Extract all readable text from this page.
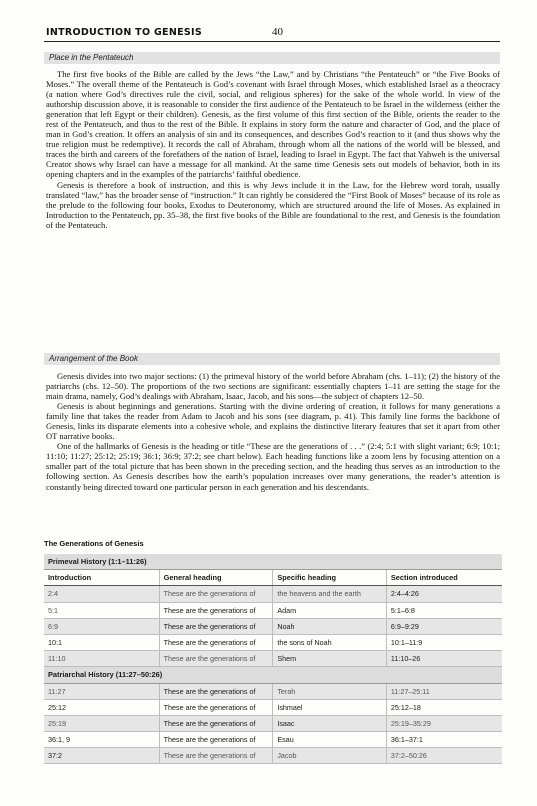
INTRODUCTION TO GENESIS	40
Place in the Pentateuch

The first five books of the Bible are called by the Jews “the Law,” and by Christians “the Pentateuch” or “the Five Books of Moses.” The overall theme of the Pentateuch is God’s covenant with Israel through Moses, which established Israel as a theocracy (a nation where God’s directives rule the civil, social, and religious spheres) for the sake of the whole world. In view of the authorship discussion above, it is reasonable to consider the first audience of the Pentateuch to be Israel in the wilderness (either the generation that left Egypt or their children). Genesis, as the first volume of this first section of the Bible, orients the reader to the rest of the Pentateuch, and thus to the rest of the Bible. It explains in story form the nature and character of God, and the place of man in God’s creation. It offers an analysis of sin and its consequences, and describes God’s reaction to it (and thus shows why the true religion must be redemptive). It records the call of Abraham, through whom all the nations of the world will be blessed, and traces the birth and careers of the forefathers of the nation of Israel, leading to Israel in Egypt. The fact that Yahweh is the universal Creator shows why Israel can have a message for all mankind. At the same time Genesis sets out models of behavior, both in its opening chapters and in the examples of the patriarchs’ faithful obedience.

Genesis is therefore a book of instruction, and this is why Jews include it in the Law, for the Hebrew word torah, usually translated “law,” has the broader sense of “instruction.” It can rightly be considered the “First Book of Moses” because of its role as the prelude to the following four books, Exodus to Deuteronomy, which are structured around the life of Moses. As explained in Introduction to the Pentateuch, pp. 35–38, the first five books of the Bible are foundational to the rest, and Genesis is the foundation of the Pentateuch.

Arrangement of the Book

Genesis divides into two major sections: (1) the primeval history of the world before Abraham (chs. 1–11); (2) the history of the patriarchs (chs. 12–50). The proportions of the two sections are significant: essentially chapters 1–11 are setting the stage for the main drama, namely, God’s dealings with Abraham, Isaac, Jacob, and his sons—the subject of chapters 12–50.

Genesis is about beginnings and generations. Starting with the divine ordering of creation, it follows for many generations a family line that takes the reader from Adam to Jacob and his sons (see diagram, p. 41). This family line forms the backbone of Genesis, links its disparate elements into a cohesive whole, and explains the distinctive literary features that set it apart from other OT narrative books.

One of the hallmarks of Genesis is the heading or title “These are the generations of . . .” (2:4; 5:1 with slight variant; 6:9; 10:1; 11:10; 11:27; 25:12; 25:19; 36:1; 36:9; 37:2; see chart below). Each heading functions like a zoom lens by focusing attention on a smaller part of the total picture that has been shown in the preceding section, and the heading thus serves as an introduction to the following section. As Genesis describes how the earth’s population increases over many generations, the reader’s attention is constantly being directed toward one particular person in each generation and his descendants.

The Generations of Genesis
Primeval History (1:1–11:26)			
Introduction	General heading	Specific heading	Section introduced
2:4	These are the generations of	the heavens and the earth	2:4–4:26
5:1	These are the generations of	Adam	5:1–6:8
6:9	These are the generations of	Noah	6:9–9:29
10:1	These are the generations of	the sons of Noah	10:1–11:9
11:10	These are the generations of	Shem	11:10–26
Patriarchal History (11:27–50:26)			
11:27	These are the generations of	Terah	11:27–25:11
25:12	These are the generations of	Ishmael	25:12–18
25:19	These are the generations of	Isaac	25:19–35:29
36:1, 9	These are the generations of	Esau	36:1–37:1
37:2	These are the generations of	Jacob	37:2–50:26
